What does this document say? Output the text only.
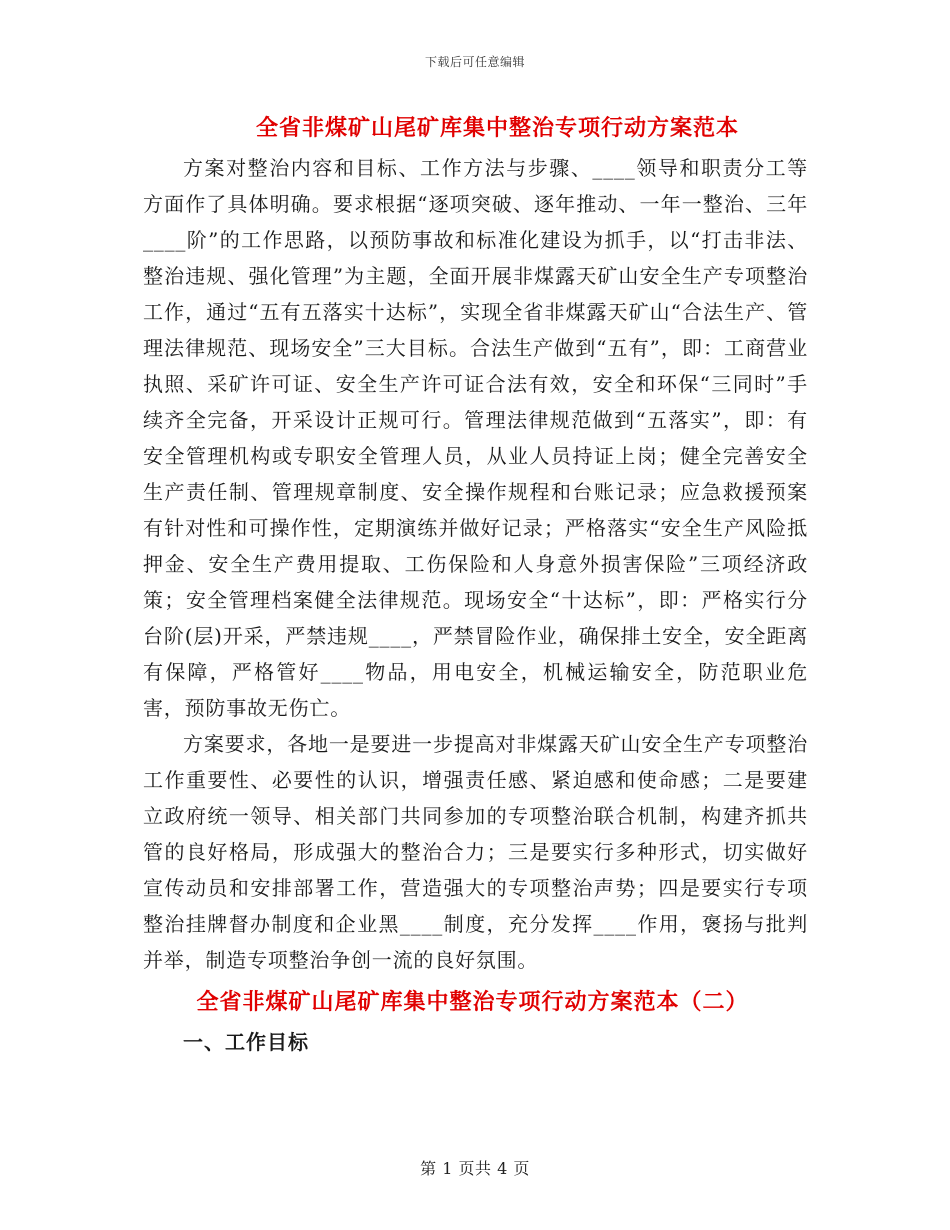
下载后可任意编辑
全省非煤矿山尾矿库集中整治专项行动方案范本

方案对整治内容和目标、工作方法与步骤、____领导和职责分工等方面作了具体明确。要求根据“逐项突破、逐年推动、一年一整治、三年____阶”的工作思路，以预防事故和标准化建设为抓手，以“打击非法、整治违规、强化管理”为主题，全面开展非煤露天矿山安全生产专项整治工作，通过“五有五落实十达标”，实现全省非煤露天矿山“合法生产、管理法律规范、现场安全”三大目标。合法生产做到“五有”，即：工商营业执照、采矿许可证、安全生产许可证合法有效，安全和环保“三同时”手续齐全完备，开采设计正规可行。管理法律规范做到“五落实”，即：有安全管理机构或专职安全管理人员，从业人员持证上岗；健全完善安全生产责任制、管理规章制度、安全操作规程和台账记录；应急救援预案有针对性和可操作性，定期演练并做好记录；严格落实“安全生产风险抵押金、安全生产费用提取、工伤保险和人身意外损害保险”三项经济政策；安全管理档案健全法律规范。现场安全“十达标”，即：严格实行分台阶(层)开采，严禁违规____，严禁冒险作业，确保排土安全，安全距离有保障，严格管好____物品，用电安全，机械运输安全，防范职业危害，预防事故无伤亡。

方案要求，各地一是要进一步提高对非煤露天矿山安全生产专项整治工作重要性、必要性的认识，增强责任感、紧迫感和使命感；二是要建立政府统一领导、相关部门共同参加的专项整治联合机制，构建齐抓共管的良好格局，形成强大的整治合力；三是要实行多种形式，切实做好宣传动员和安排部署工作，营造强大的专项整治声势；四是要实行专项整治挂牌督办制度和企业黑____制度，充分发挥____作用，褒扬与批判并举，制造专项整治争创一流的良好氛围。

全省非煤矿山尾矿库集中整治专项行动方案范本（二）
一、工作目标
第 1 页共 4 页
